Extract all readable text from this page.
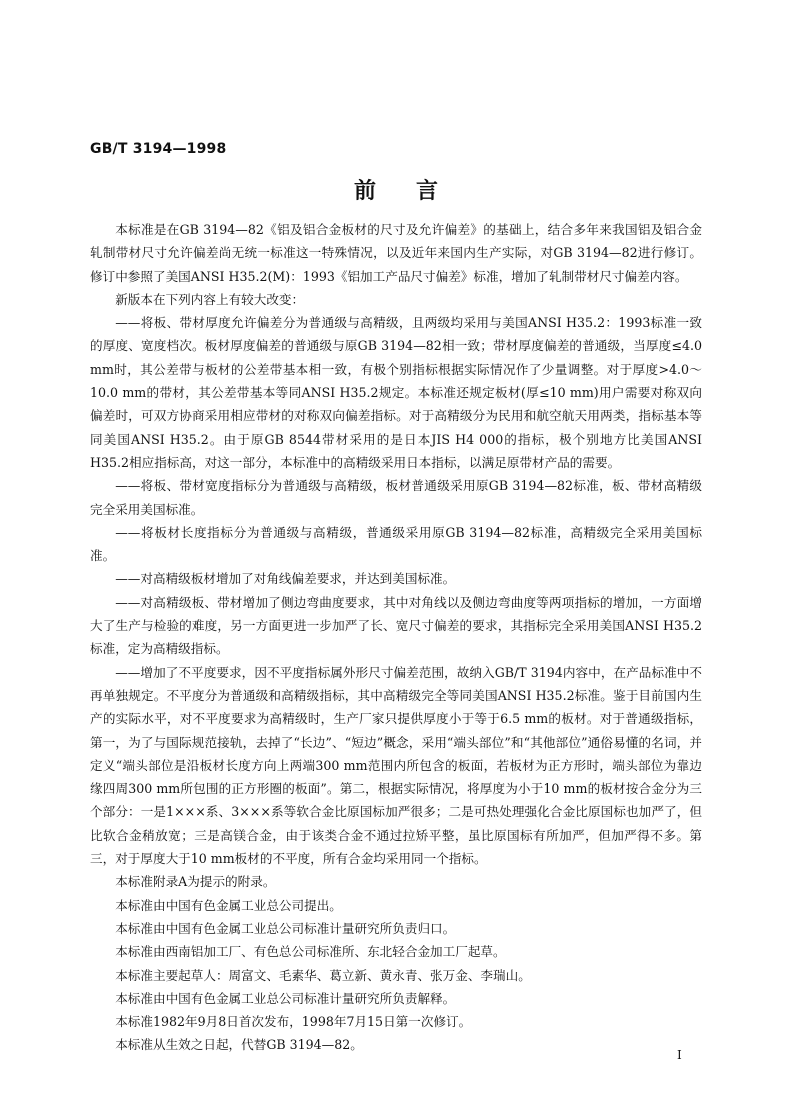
GB/T 3194—1998
前言

本标准是在GB 3194—82《铝及铝合金板材的尺寸及允许偏差》的基础上，结合多年来我国铝及铝合金轧制带材尺寸允许偏差尚无统一标准这一特殊情况，以及近年来国内生产实际，对GB 3194—82进行修订。修订中参照了美国ANSI H35.2(M)：1993《铝加工产品尺寸偏差》标准，增加了轧制带材尺寸偏差内容。

新版本在下列内容上有较大改变：

——将板、带材厚度允许偏差分为普通级与高精级，且两级均采用与美国ANSI H35.2：1993标准一致的厚度、宽度档次。板材厚度偏差的普通级与原GB 3194—82相一致；带材厚度偏差的普通级，当厚度≤4.0 mm时，其公差带与板材的公差带基本相一致，有极个别指标根据实际情况作了少量调整。对于厚度>4.0～10.0 mm的带材，其公差带基本等同ANSI H35.2规定。本标准还规定板材(厚≤10 mm)用户需要对称双向偏差时，可双方协商采用相应带材的对称双向偏差指标。对于高精级分为民用和航空航天用两类，指标基本等同美国ANSI H35.2。由于原GB 8544带材采用的是日本JIS H4 000的指标，极个别地方比美国ANSI H35.2相应指标高，对这一部分，本标准中的高精级采用日本指标，以满足原带材产品的需要。

——将板、带材宽度指标分为普通级与高精级，板材普通级采用原GB 3194—82标准，板、带材高精级完全采用美国标准。

——将板材长度指标分为普通级与高精级，普通级采用原GB 3194—82标准，高精级完全采用美国标准。

——对高精级板材增加了对角线偏差要求，并达到美国标准。

——对高精级板、带材增加了侧边弯曲度要求，其中对角线以及侧边弯曲度等两项指标的增加，一方面增大了生产与检验的难度，另一方面更进一步加严了长、宽尺寸偏差的要求，其指标完全采用美国ANSI H35.2标准，定为高精级指标。

——增加了不平度要求，因不平度指标属外形尺寸偏差范围，故纳入GB/T 3194内容中，在产品标准中不再单独规定。不平度分为普通级和高精级指标，其中高精级完全等同美国ANSI H35.2标准。鉴于目前国内生产的实际水平，对不平度要求为高精级时，生产厂家只提供厚度小于等于6.5 mm的板材。对于普通级指标，第一，为了与国际规范接轨，去掉了“长边”、“短边”概念，采用“端头部位”和“其他部位”通俗易懂的名词，并定义“端头部位是沿板材长度方向上两端300 mm范围内所包含的板面，若板材为正方形时，端头部位为靠边缘四周300 mm所包围的正方形圈的板面”。第二，根据实际情况，将厚度为小于10 mm的板材按合金分为三个部分：一是1×××系、3×××系等软合金比原国标加严很多；二是可热处理强化合金比原国标也加严了，但比软合金稍放宽；三是高镁合金，由于该类合金不通过拉矫平整，虽比原国标有所加严，但加严得不多。第三，对于厚度大于10 mm板材的不平度，所有合金均采用同一个指标。

本标准附录A为提示的附录。

本标准由中国有色金属工业总公司提出。

本标准由中国有色金属工业总公司标准计量研究所负责归口。

本标准由西南铝加工厂、有色总公司标准所、东北轻合金加工厂起草。

本标准主要起草人：周富文、毛素华、葛立新、黄永青、张万金、李瑞山。

本标准由中国有色金属工业总公司标准计量研究所负责解释。

本标准1982年9月8日首次发布，1998年7月15日第一次修订。

本标准从生效之日起，代替GB 3194—82。

I
